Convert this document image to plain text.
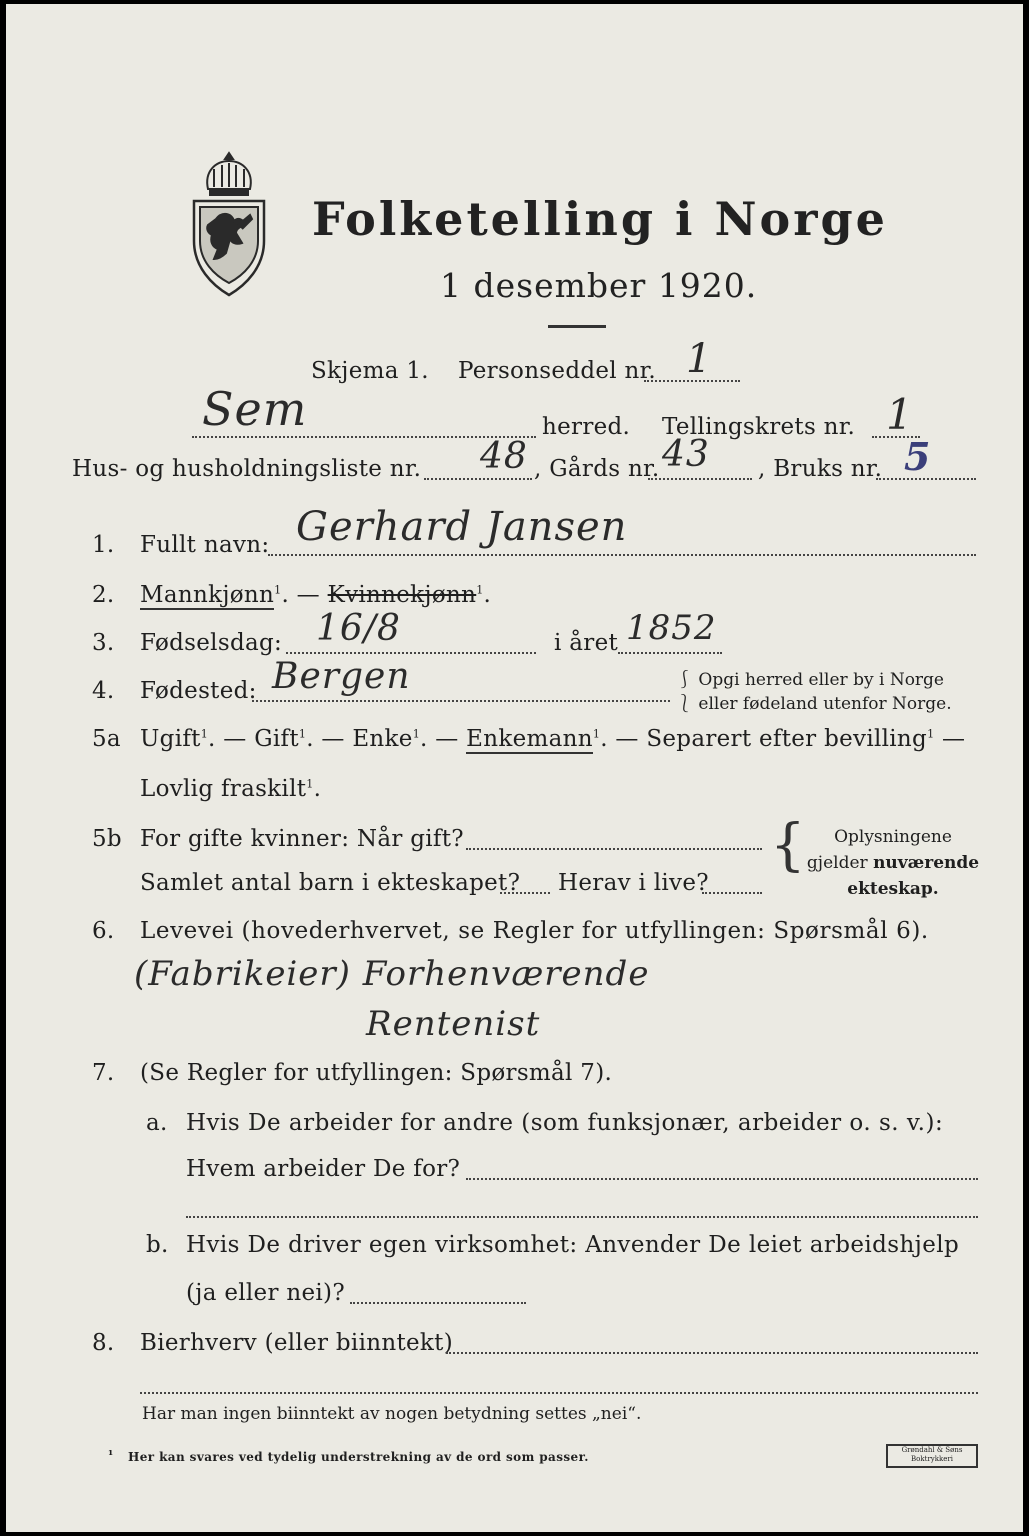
Folketelling i Norge
1 desember 1920.
Skjema 1. Personseddel nr. 1
Sem	herred. Tellingskrets nr. 1
Hus- og husholdningsliste nr. 48 , Gårds nr. 43 , Bruks nr. 5
1. Fullt navn: Gerhard Jansen
2. Mannkjønn$^1$. — Kvinnekjønn$^1$.
3. Fødselsdag: 16/8	i året 1852
4. Fødested: Bergen	⎰ Opgi herred eller by i Norge
⎱ eller fødeland utenfor Norge.
5a Ugift$^1$. — Gift$^1$. — Enke$^1$. — Enkemann$^1$. — Separert efter bevilling$^1$ —
Lovlig fraskilt$^1$.
5b For gifte kvinner: Når gift?
Samlet antal barn i ekteskapet? Herav i live?
{	Oplysningene
gjelder nuværende
ekteskap.
6. Levevei (hovederhvervet, se Regler for utfyllingen: Spørsmål 6).
(Fabrikeier) Forhenværende
Rentenist
7. (Se Regler for utfyllingen: Spørsmål 7).
a. Hvis De arbeider for andre (som funksjonær, arbeider o. s. v.):
Hvem arbeider De for?
b. Hvis De driver egen virksomhet: Anvender De leiet arbeidshjelp
(ja eller nei)?
8. Bierhverv (eller biinntekt)
Har man ingen biinntekt av nogen betydning settes „nei“.
¹ Her kan svares ved tydelig understrekning av de ord som passer.	Grøndahl & Søns Boktrykkeri
